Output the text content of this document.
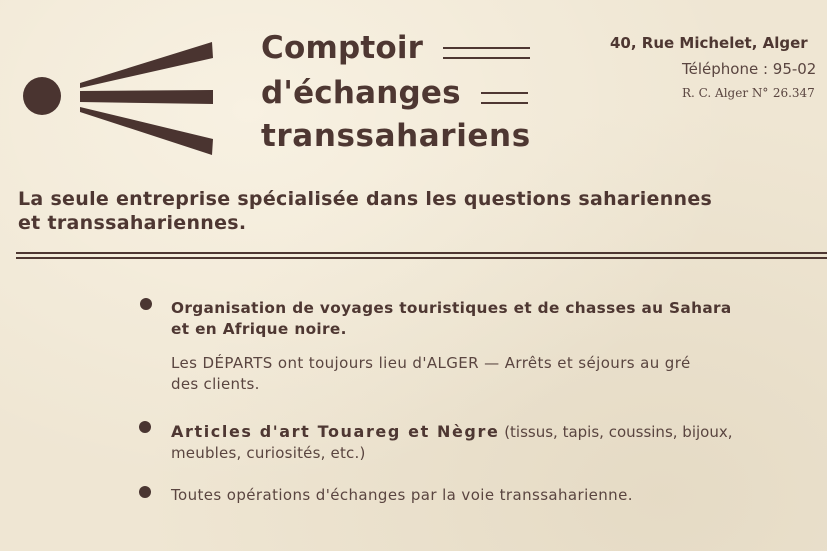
Comptoir
d'échanges
transsahariens
40, Rue Michelet, Alger
Téléphone : 95-02
R. C. Alger N° 26.347
La seule entreprise spécialisée dans les questions sahariennes
et transsahariennes.
Organisation de voyages touristiques et de chasses au Sahara
et en Afrique noire.
Les DÉPARTS ont toujours lieu d'ALGER — Arrêts et séjours au gré
des clients.
Articles d'art Touareg et Nègre (tissus, tapis, coussins, bijoux,
meubles, curiosités, etc.)
Toutes opérations d'échanges par la voie transsaharienne.
